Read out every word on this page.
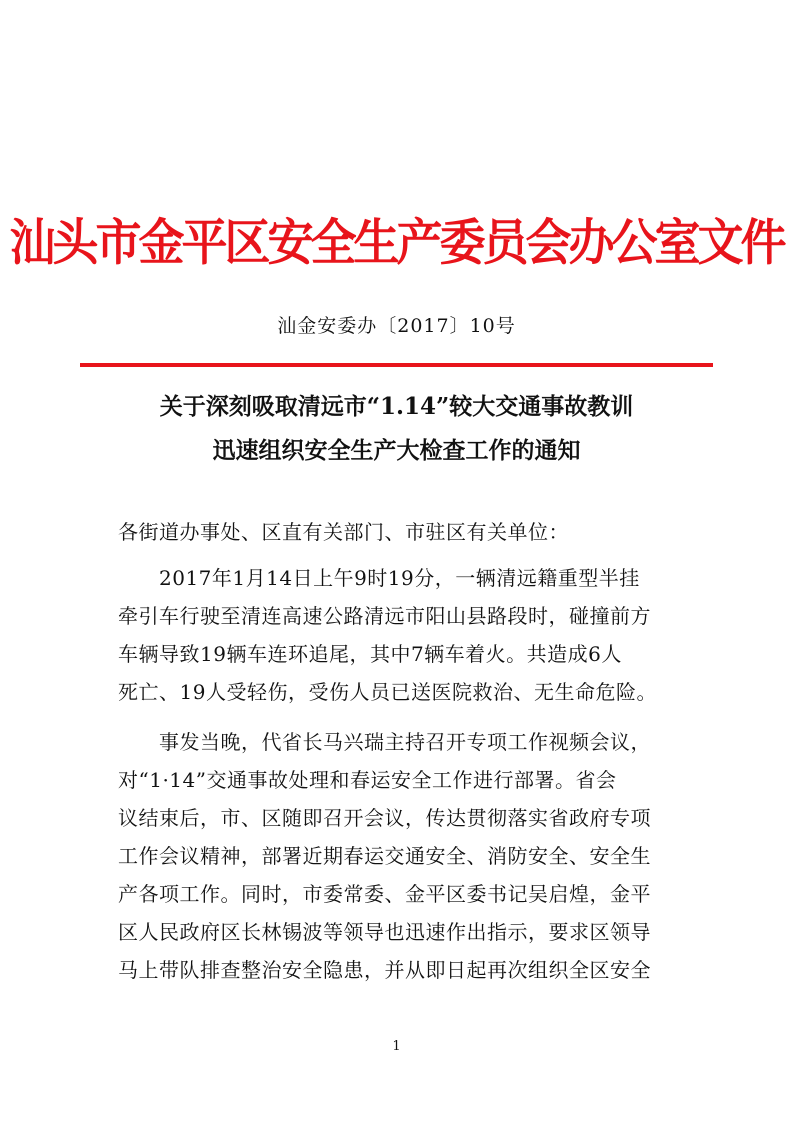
汕头市金平区安全生产委员会办公室文件
汕金安委办〔2017〕10号
关于深刻吸取清远市“1.14”较大交通事故教训
迅速组织安全生产大检查工作的通知
各街道办事处、区直有关部门、市驻区有关单位：
　　2017年1月14日上午9时19分，一辆清远籍重型半挂
牵引车行驶至清连高速公路清远市阳山县路段时，碰撞前方
车辆导致19辆车连环追尾，其中7辆车着火。共造成6人
死亡、19人受轻伤，受伤人员已送医院救治、无生命危险。
　　事发当晚，代省长马兴瑞主持召开专项工作视频会议，
对“1·14”交通事故处理和春运安全工作进行部署。省会
议结束后，市、区随即召开会议，传达贯彻落实省政府专项
工作会议精神，部署近期春运交通安全、消防安全、安全生
产各项工作。同时，市委常委、金平区委书记吴启煌，金平
区人民政府区长林锡波等领导也迅速作出指示，要求区领导
马上带队排查整治安全隐患，并从即日起再次组织全区安全
1
